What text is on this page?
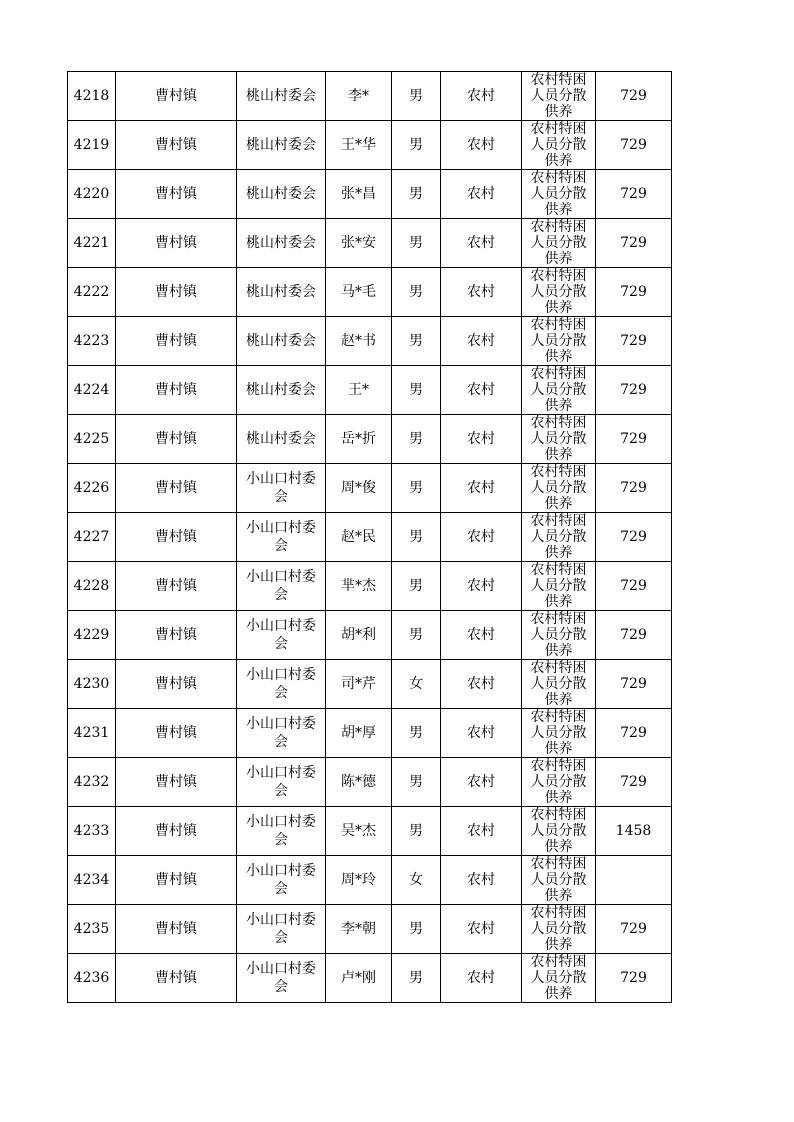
4218	曹村镇	桃山村委会	李*	男	农村	农村特困人员分散供养	729

4219	曹村镇	桃山村委会	王*华	男	农村	农村特困人员分散供养	729

4220	曹村镇	桃山村委会	张*昌	男	农村	农村特困人员分散供养	729

4221	曹村镇	桃山村委会	张*安	男	农村	农村特困人员分散供养	729

4222	曹村镇	桃山村委会	马*毛	男	农村	农村特困人员分散供养	729

4223	曹村镇	桃山村委会	赵*书	男	农村	农村特困人员分散供养	729

4224	曹村镇	桃山村委会	王*	男	农村	农村特困人员分散供养	729

4225	曹村镇	桃山村委会	岳*折	男	农村	农村特困人员分散供养	729

4226	曹村镇	小山口村委会	周*俊	男	农村	农村特困人员分散供养	729

4227	曹村镇	小山口村委会	赵*民	男	农村	农村特困人员分散供养	729

4228	曹村镇	小山口村委会	芈*杰	男	农村	农村特困人员分散供养	729

4229	曹村镇	小山口村委会	胡*利	男	农村	农村特困人员分散供养	729

4230	曹村镇	小山口村委会	司*芹	女	农村	农村特困人员分散供养	729

4231	曹村镇	小山口村委会	胡*厚	男	农村	农村特困人员分散供养	729

4232	曹村镇	小山口村委会	陈*德	男	农村	农村特困人员分散供养	729

4233	曹村镇	小山口村委会	吴*杰	男	农村	农村特困人员分散供养	1458

4234	曹村镇	小山口村委会	周*玲	女	农村	农村特困人员分散供养	

4235	曹村镇	小山口村委会	李*朝	男	农村	农村特困人员分散供养	729

4236	曹村镇	小山口村委会	卢*刚	男	农村	农村特困人员分散供养	729
